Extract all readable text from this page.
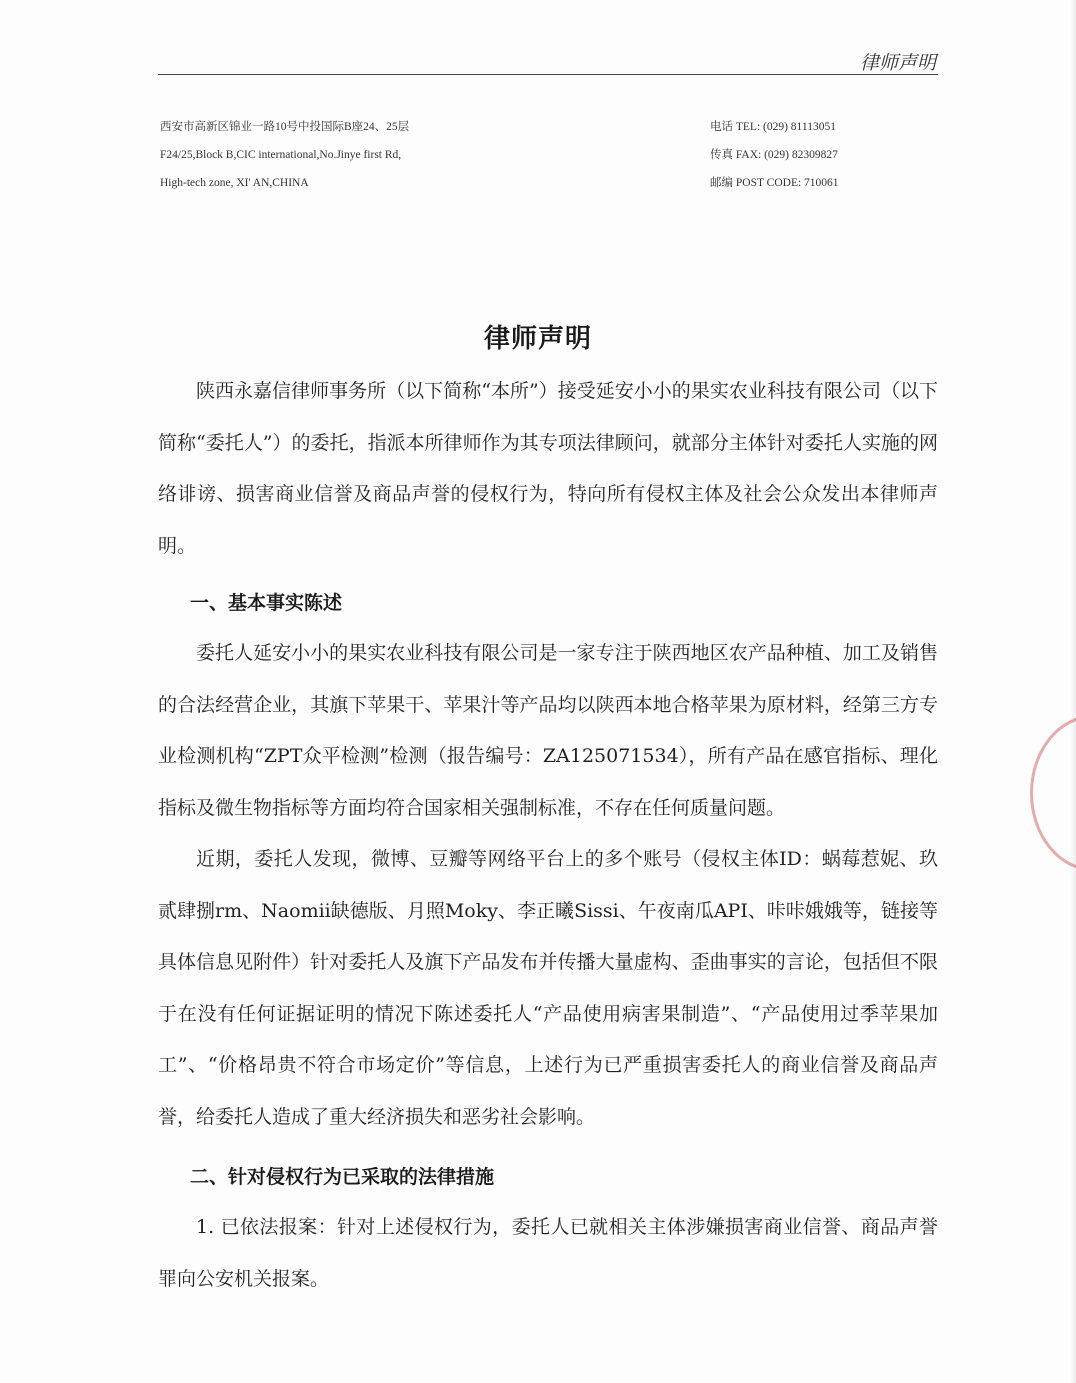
律师声明
西安市高新区锦业一路10号中投国际B座24、25层
F24/25,Block B,CIC international,No.Jinye first Rd,
High-tech zone, XI' AN,CHINA
电话 TEL: (029) 81113051
传真 FAX: (029) 82309827
邮编 POST CODE: 710061
律师声明

陕西永嘉信律师事务所（以下简称“本所”）接受延安小小的果实农业科技有限公司（以下简称“委托人”）的委托，指派本所律师作为其专项法律顾问，就部分主体针对委托人实施的网络诽谤、损害商业信誉及商品声誉的侵权行为，特向所有侵权主体及社会公众发出本律师声明。

一、基本事实陈述

委托人延安小小的果实农业科技有限公司是一家专注于陕西地区农产品种植、加工及销售的合法经营企业，其旗下苹果干、苹果汁等产品均以陕西本地合格苹果为原材料，经第三方专业检测机构“ZPT众平检测”检测（报告编号：ZA125071534），所有产品在感官指标、理化指标及微生物指标等方面均符合国家相关强制标准，不存在任何质量问题。

近期，委托人发现，微博、豆瓣等网络平台上的多个账号（侵权主体ID：蜗莓惹妮、玖贰肆捌rm、Naomii缺德版、月照Moky、李正曦Sissi、午夜南瓜API、咔咔娥娥等，链接等具体信息见附件）针对委托人及旗下产品发布并传播大量虚构、歪曲事实的言论，包括但不限于在没有任何证据证明的情况下陈述委托人“产品使用病害果制造”、“产品使用过季苹果加工”、“价格昂贵不符合市场定价”等信息，上述行为已严重损害委托人的商业信誉及商品声誉，给委托人造成了重大经济损失和恶劣社会影响。

二、针对侵权行为已采取的法律措施

1. 已依法报案：针对上述侵权行为，委托人已就相关主体涉嫌损害商业信誉、商品声誉罪向公安机关报案。
